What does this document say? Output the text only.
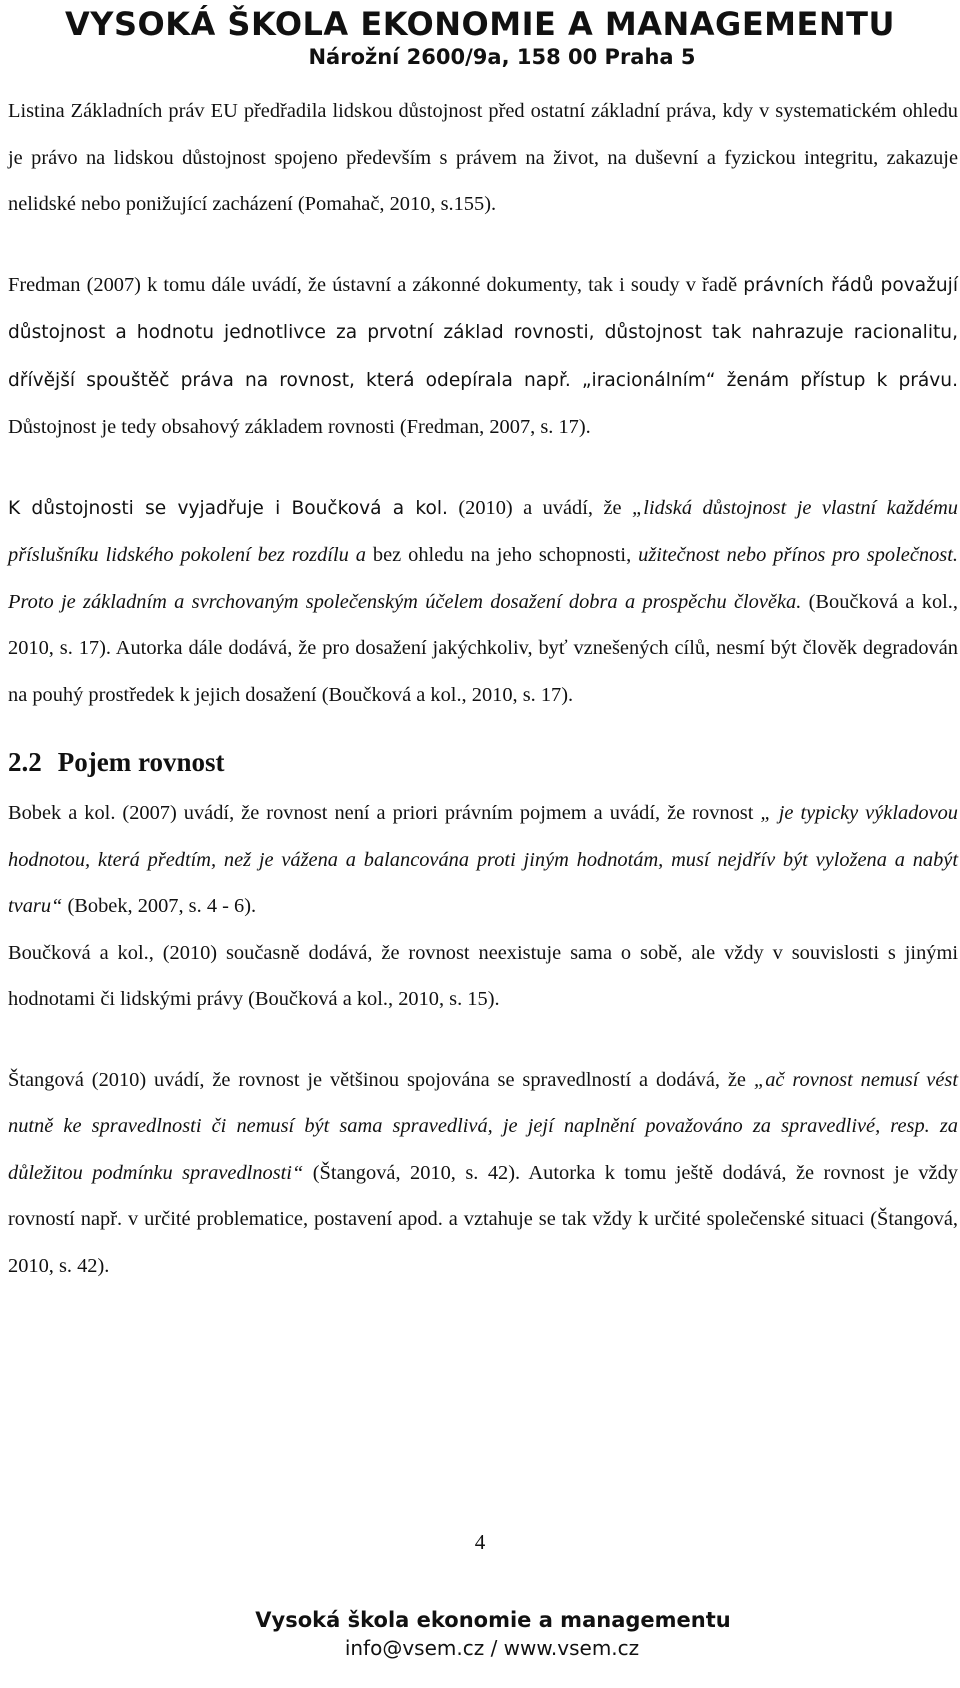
VYSOKÁ ŠKOLA EKONOMIE A MANAGEMENTU
Nárožní 2600/9a, 158 00 Praha 5

Listina Základních práv EU předřadila lidskou důstojnost před ostatní základní práva, kdy v systematickém ohledu je právo na lidskou důstojnost spojeno především s právem na život, na duševní a fyzickou integritu, zakazuje nelidské nebo ponižující zacházení (Pomahač, 2010, s.155).

Fredman (2007) k tomu dále uvádí, že ústavní a zákonné dokumenty, tak i soudy v řadě právních řádů považují důstojnost a hodnotu jednotlivce za prvotní základ rovnosti, důstojnost tak nahrazuje racionalitu, dřívější spouštěč práva na rovnost, která odepírala např. „iracionálním“ ženám přístup k právu. Důstojnost je tedy obsahový základem rovnosti (Fredman, 2007, s. 17).

K důstojnosti se vyjadřuje i Boučková a kol. (2010) a uvádí, že „lidská důstojnost je vlastní každému příslušníku lidského pokolení bez rozdílu a bez ohledu na jeho schopnosti, užitečnost nebo přínos pro společnost. Proto je základním a svrchovaným společenským účelem dosažení dobra a prospěchu člověka. (Boučková a kol., 2010, s. 17). Autorka dále dodává, že pro dosažení jakýchkoliv, byť vznešených cílů, nesmí být člověk degradován na pouhý prostředek k jejich dosažení (Boučková a kol., 2010, s. 17).

2.2 Pojem rovnost

Bobek a kol. (2007) uvádí, že rovnost není a priori právním pojmem a uvádí, že rovnost „ je typicky výkladovou hodnotou, která předtím, než je vážena a balancována proti jiným hodnotám, musí nejdřív být vyložena a nabýt tvaru“ (Bobek, 2007, s. 4 - 6).

Boučková a kol., (2010) současně dodává, že rovnost neexistuje sama o sobě, ale vždy v souvislosti s jinými hodnotami či lidskými právy (Boučková a kol., 2010, s. 15).

Štangová (2010) uvádí, že rovnost je většinou spojována se spravedlností a dodává, že „ač rovnost nemusí vést nutně ke spravedlnosti či nemusí být sama spravedlivá, je její naplnění považováno za spravedlivé, resp. za důležitou podmínku spravedlnosti“ (Štangová, 2010, s. 42). Autorka k tomu ještě dodává, že rovnost je vždy rovností např. v určité problematice, postavení apod. a vztahuje se tak vždy k určité společenské situaci (Štangová, 2010, s. 42).

4
Vysoká škola ekonomie a managementu
info@vsem.cz / www.vsem.cz
